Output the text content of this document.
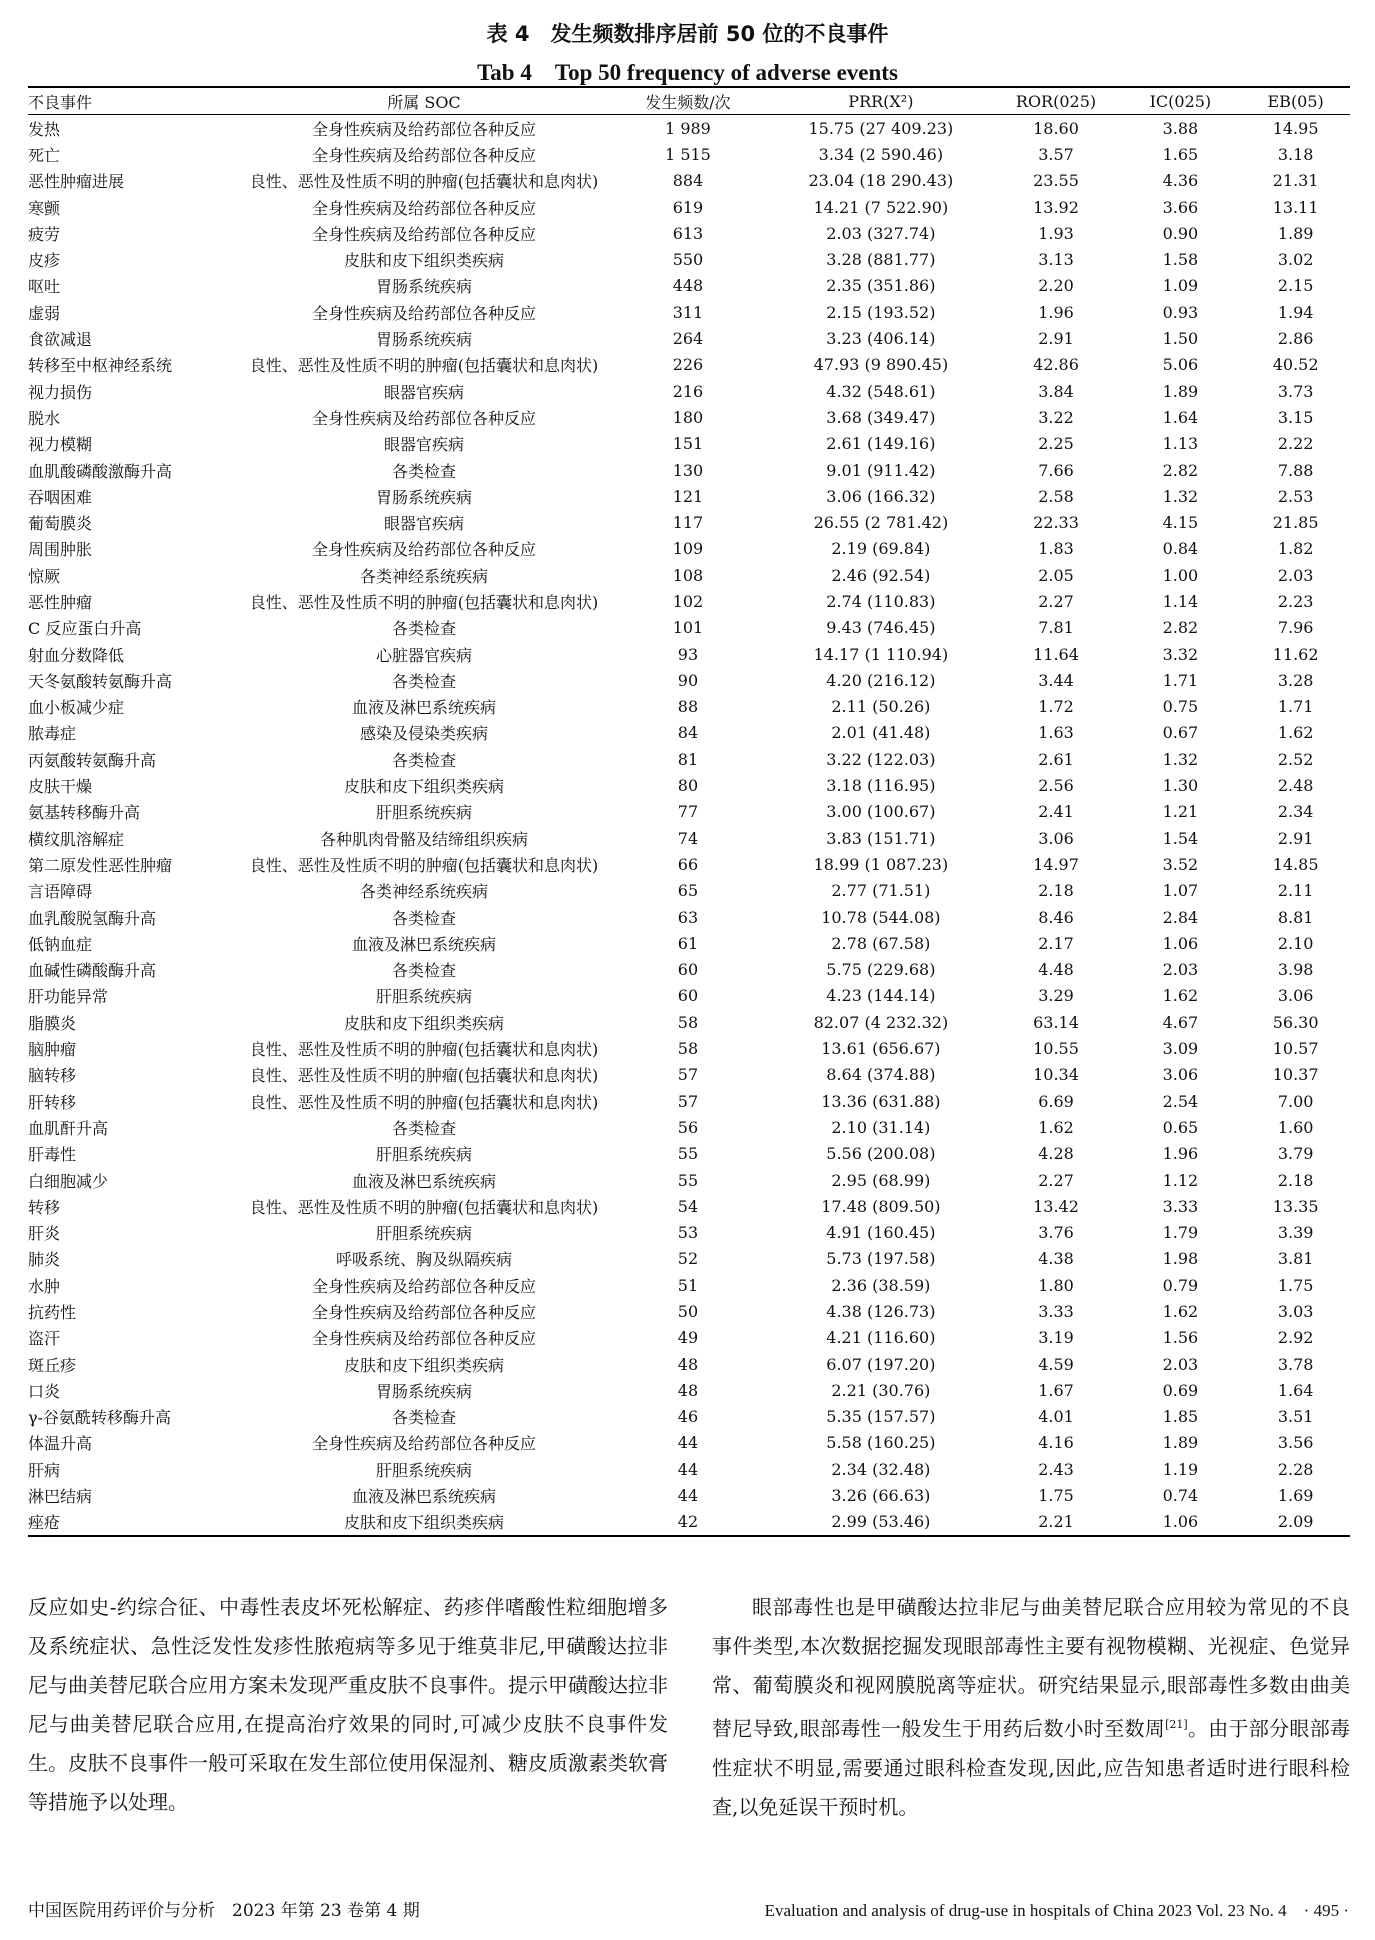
表 4　发生频数排序居前 50 位的不良事件
Tab 4　Top 50 frequency of adverse events
不良事件	所属 SOC	发生频数/次	PRR(X²)	ROR(025)	IC(025)	EB(05)
发热	全身性疾病及给药部位各种反应	1 989	15.75 (27 409.23)	18.60	3.88	14.95
死亡	全身性疾病及给药部位各种反应	1 515	3.34 (2 590.46)	3.57	1.65	3.18
恶性肿瘤进展	良性、恶性及性质不明的肿瘤(包括囊状和息肉状)	884	23.04 (18 290.43)	23.55	4.36	21.31
寒颤	全身性疾病及给药部位各种反应	619	14.21 (7 522.90)	13.92	3.66	13.11
疲劳	全身性疾病及给药部位各种反应	613	2.03 (327.74)	1.93	0.90	1.89
皮疹	皮肤和皮下组织类疾病	550	3.28 (881.77)	3.13	1.58	3.02
呕吐	胃肠系统疾病	448	2.35 (351.86)	2.20	1.09	2.15
虚弱	全身性疾病及给药部位各种反应	311	2.15 (193.52)	1.96	0.93	1.94
食欲减退	胃肠系统疾病	264	3.23 (406.14)	2.91	1.50	2.86
转移至中枢神经系统	良性、恶性及性质不明的肿瘤(包括囊状和息肉状)	226	47.93 (9 890.45)	42.86	5.06	40.52
视力损伤	眼器官疾病	216	4.32 (548.61)	3.84	1.89	3.73
脱水	全身性疾病及给药部位各种反应	180	3.68 (349.47)	3.22	1.64	3.15
视力模糊	眼器官疾病	151	2.61 (149.16)	2.25	1.13	2.22
血肌酸磷酸激酶升高	各类检查	130	9.01 (911.42)	7.66	2.82	7.88
吞咽困难	胃肠系统疾病	121	3.06 (166.32)	2.58	1.32	2.53
葡萄膜炎	眼器官疾病	117	26.55 (2 781.42)	22.33	4.15	21.85
周围肿胀	全身性疾病及给药部位各种反应	109	2.19 (69.84)	1.83	0.84	1.82
惊厥	各类神经系统疾病	108	2.46 (92.54)	2.05	1.00	2.03
恶性肿瘤	良性、恶性及性质不明的肿瘤(包括囊状和息肉状)	102	2.74 (110.83)	2.27	1.14	2.23
C 反应蛋白升高	各类检查	101	9.43 (746.45)	7.81	2.82	7.96
射血分数降低	心脏器官疾病	93	14.17 (1 110.94)	11.64	3.32	11.62
天冬氨酸转氨酶升高	各类检查	90	4.20 (216.12)	3.44	1.71	3.28
血小板减少症	血液及淋巴系统疾病	88	2.11 (50.26)	1.72	0.75	1.71
脓毒症	感染及侵染类疾病	84	2.01 (41.48)	1.63	0.67	1.62
丙氨酸转氨酶升高	各类检查	81	3.22 (122.03)	2.61	1.32	2.52
皮肤干燥	皮肤和皮下组织类疾病	80	3.18 (116.95)	2.56	1.30	2.48
氨基转移酶升高	肝胆系统疾病	77	3.00 (100.67)	2.41	1.21	2.34
横纹肌溶解症	各种肌肉骨骼及结缔组织疾病	74	3.83 (151.71)	3.06	1.54	2.91
第二原发性恶性肿瘤	良性、恶性及性质不明的肿瘤(包括囊状和息肉状)	66	18.99 (1 087.23)	14.97	3.52	14.85
言语障碍	各类神经系统疾病	65	2.77 (71.51)	2.18	1.07	2.11
血乳酸脱氢酶升高	各类检查	63	10.78 (544.08)	8.46	2.84	8.81
低钠血症	血液及淋巴系统疾病	61	2.78 (67.58)	2.17	1.06	2.10
血碱性磷酸酶升高	各类检查	60	5.75 (229.68)	4.48	2.03	3.98
肝功能异常	肝胆系统疾病	60	4.23 (144.14)	3.29	1.62	3.06
脂膜炎	皮肤和皮下组织类疾病	58	82.07 (4 232.32)	63.14	4.67	56.30
脑肿瘤	良性、恶性及性质不明的肿瘤(包括囊状和息肉状)	58	13.61 (656.67)	10.55	3.09	10.57
脑转移	良性、恶性及性质不明的肿瘤(包括囊状和息肉状)	57	8.64 (374.88)	10.34	3.06	10.37
肝转移	良性、恶性及性质不明的肿瘤(包括囊状和息肉状)	57	13.36 (631.88)	6.69	2.54	7.00
血肌酐升高	各类检查	56	2.10 (31.14)	1.62	0.65	1.60
肝毒性	肝胆系统疾病	55	5.56 (200.08)	4.28	1.96	3.79
白细胞减少	血液及淋巴系统疾病	55	2.95 (68.99)	2.27	1.12	2.18
转移	良性、恶性及性质不明的肿瘤(包括囊状和息肉状)	54	17.48 (809.50)	13.42	3.33	13.35
肝炎	肝胆系统疾病	53	4.91 (160.45)	3.76	1.79	3.39
肺炎	呼吸系统、胸及纵隔疾病	52	5.73 (197.58)	4.38	1.98	3.81
水肿	全身性疾病及给药部位各种反应	51	2.36 (38.59)	1.80	0.79	1.75
抗药性	全身性疾病及给药部位各种反应	50	4.38 (126.73)	3.33	1.62	3.03
盗汗	全身性疾病及给药部位各种反应	49	4.21 (116.60)	3.19	1.56	2.92
斑丘疹	皮肤和皮下组织类疾病	48	6.07 (197.20)	4.59	2.03	3.78
口炎	胃肠系统疾病	48	2.21 (30.76)	1.67	0.69	1.64
γ-谷氨酰转移酶升高	各类检查	46	5.35 (157.57)	4.01	1.85	3.51
体温升高	全身性疾病及给药部位各种反应	44	5.58 (160.25)	4.16	1.89	3.56
肝病	肝胆系统疾病	44	2.34 (32.48)	2.43	1.19	2.28
淋巴结病	血液及淋巴系统疾病	44	3.26 (66.63)	1.75	0.74	1.69
痤疮	皮肤和皮下组织类疾病	42	2.99 (53.46)	2.21	1.06	2.09

反应如史-约综合征、中毒性表皮坏死松解症、药疹伴嗜酸性粒细胞增多及系统症状、急性泛发性发疹性脓疱病等多见于维莫非尼,甲磺酸达拉非尼与曲美替尼联合应用方案未发现严重皮肤不良事件。提示甲磺酸达拉非尼与曲美替尼联合应用,在提高治疗效果的同时,可减少皮肤不良事件发生。皮肤不良事件一般可采取在发生部位使用保湿剂、糖皮质激素类软膏等措施予以处理。

眼部毒性也是甲磺酸达拉非尼与曲美替尼联合应用较为常见的不良事件类型,本次数据挖掘发现眼部毒性主要有视物模糊、光视症、色觉异常、葡萄膜炎和视网膜脱离等症状。研究结果显示,眼部毒性多数由曲美替尼导致,眼部毒性一般发生于用药后数小时至数周[21]。由于部分眼部毒性症状不明显,需要通过眼科检查发现,因此,应告知患者适时进行眼科检查,以免延误干预时机。
中国医院用药评价与分析　2023 年第 23 卷第 4 期	Evaluation and analysis of drug-use in hospitals of China 2023 Vol. 23 No. 4　· 495 ·
